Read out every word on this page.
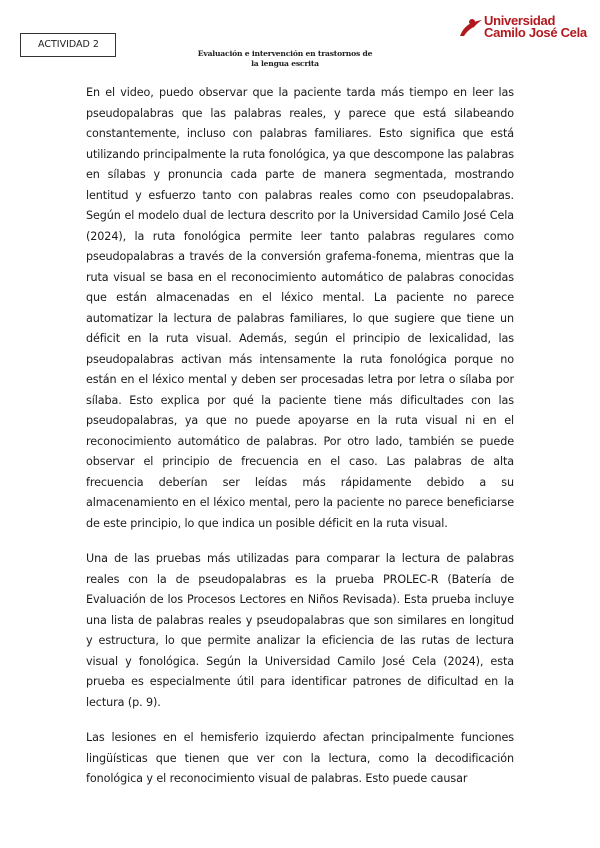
ACTIVIDAD 2
Evaluación e intervención en trastornos de
la lengua escrita
Universidad
Camilo José Cela

En el video, puedo observar que la paciente tarda más tiempo en leer las pseudopalabras que las palabras reales, y parece que está silabeando constantemente, incluso con palabras familiares. Esto significa que está utilizando principalmente la ruta fonológica, ya que descompone las palabras en sílabas y pronuncia cada parte de manera segmentada, mostrando lentitud y esfuerzo tanto con palabras reales como con pseudopalabras. Según el modelo dual de lectura descrito por la Universidad Camilo José Cela (2024), la ruta fonológica permite leer tanto palabras regulares como pseudopalabras a través de la conversión grafema-fonema, mientras que la ruta visual se basa en el reconocimiento automático de palabras conocidas que están almacenadas en el léxico mental. La paciente no parece automatizar la lectura de palabras familiares, lo que sugiere que tiene un déficit en la ruta visual. Además, según el principio de lexicalidad, las pseudopalabras activan más intensamente la ruta fonológica porque no están en el léxico mental y deben ser procesadas letra por letra o sílaba por sílaba. Esto explica por qué la paciente tiene más dificultades con las pseudopalabras, ya que no puede apoyarse en la ruta visual ni en el reconocimiento automático de palabras. Por otro lado, también se puede observar el principio de frecuencia en el caso. Las palabras de alta frecuencia deberían ser leídas más rápidamente debido a su almacenamiento en el léxico mental, pero la paciente no parece beneficiarse de este principio, lo que indica un posible déficit en la ruta visual.

Una de las pruebas más utilizadas para comparar la lectura de palabras reales con la de pseudopalabras es la prueba PROLEC-R (Batería de Evaluación de los Procesos Lectores en Niños Revisada). Esta prueba incluye una lista de palabras reales y pseudopalabras que son similares en longitud y estructura, lo que permite analizar la eficiencia de las rutas de lectura visual y fonológica. Según la Universidad Camilo José Cela (2024), esta prueba es especialmente útil para identificar patrones de dificultad en la lectura (p. 9).

Las lesiones en el hemisferio izquierdo afectan principalmente funciones lingüísticas que tienen que ver con la lectura, como la decodificación fonológica y el reconocimiento visual de palabras. Esto puede causar
